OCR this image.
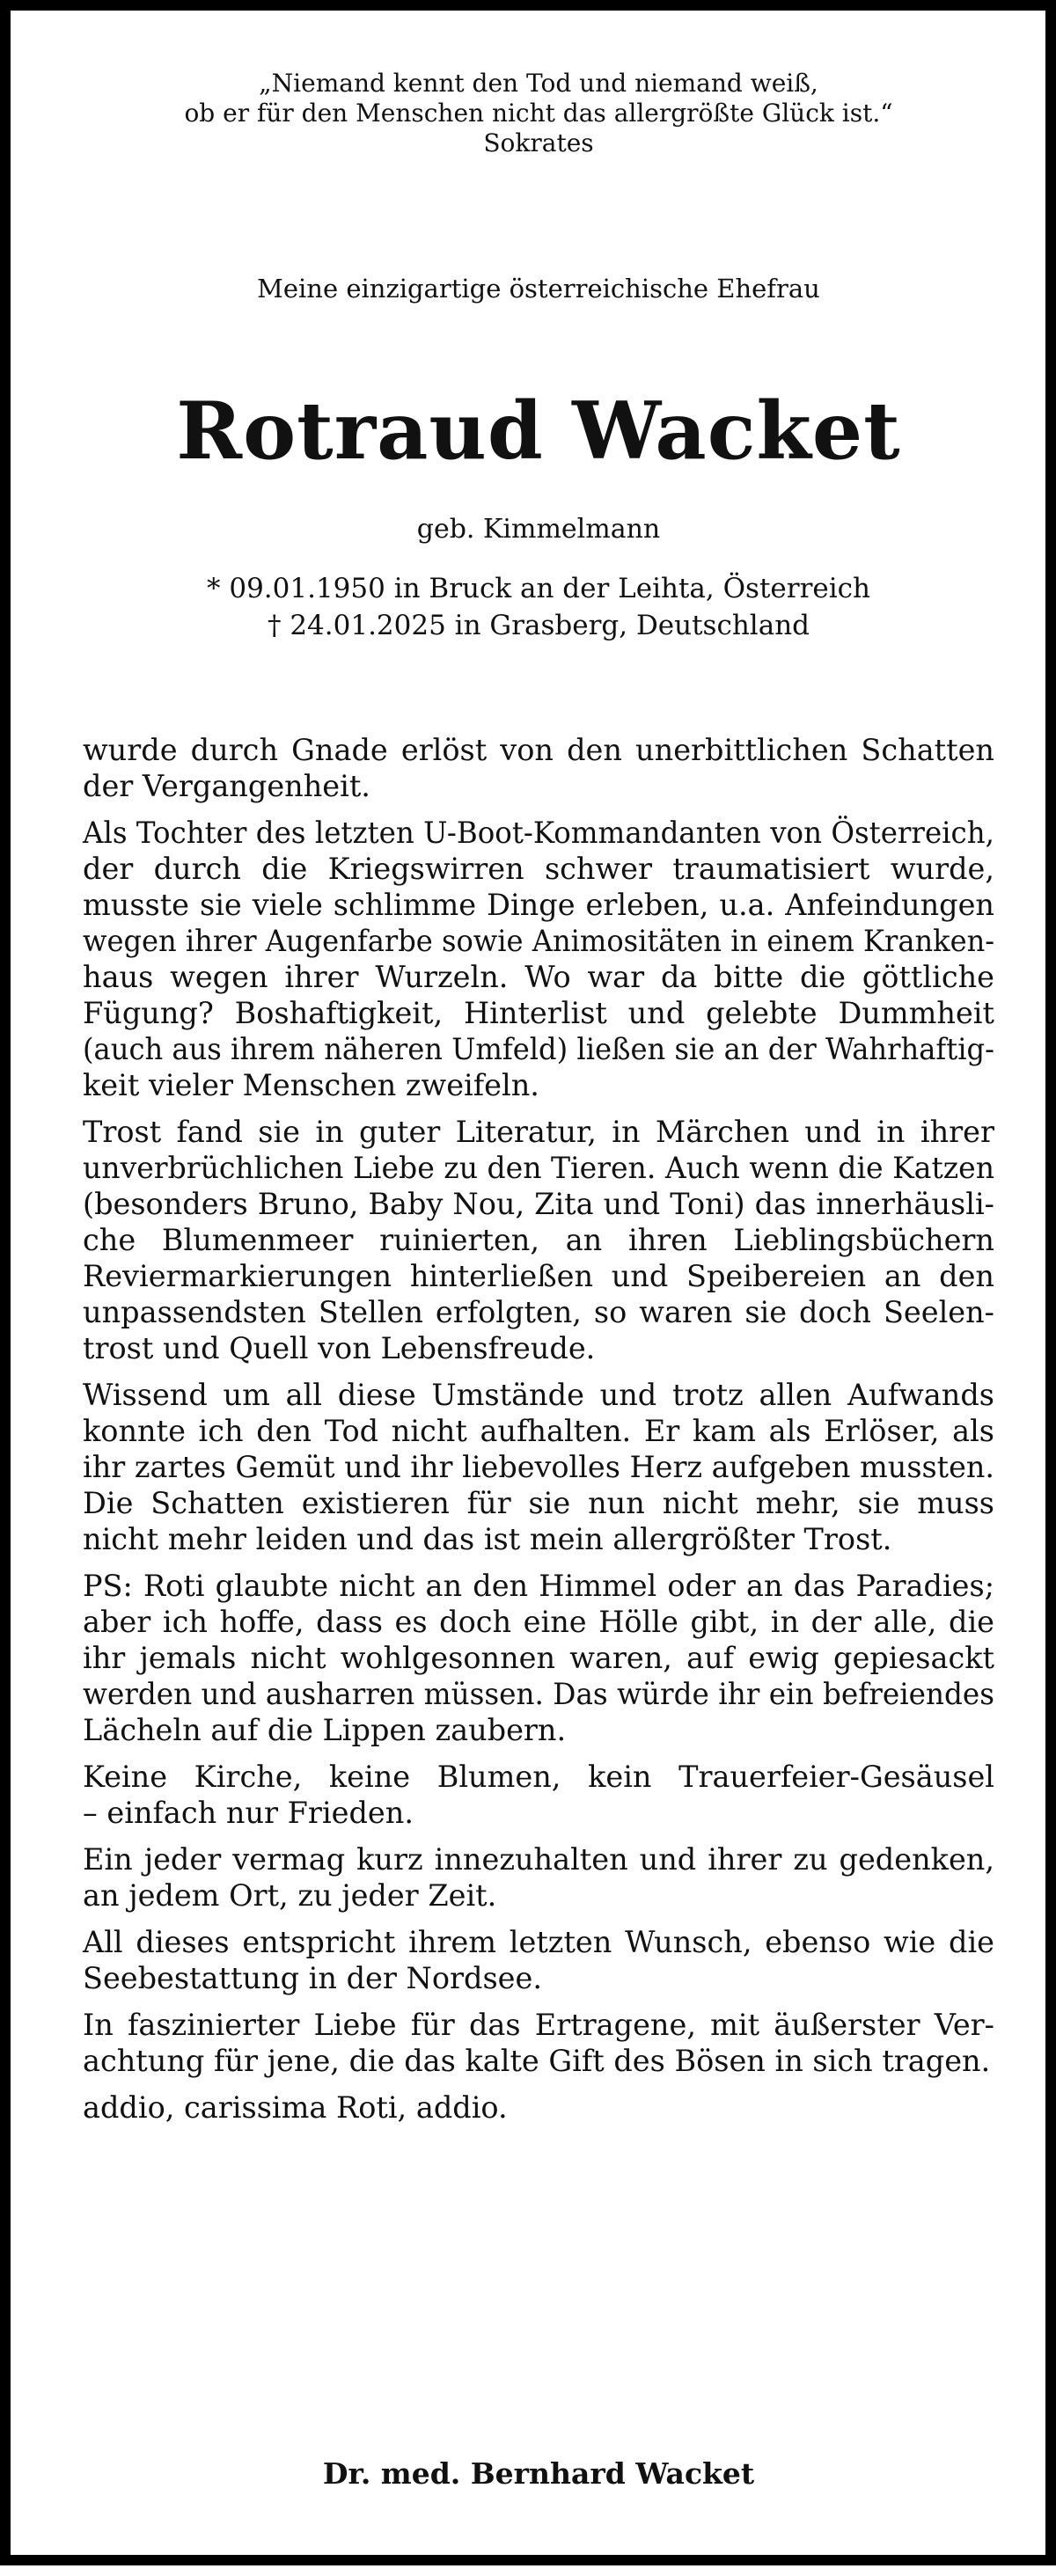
„Niemand kennt den Tod und niemand weiß,
ob er für den Menschen nicht das allergrößte Glück ist.“
Sokrates
Meine einzigartige österreichische Ehefrau
Rotraud Wacket
geb. Kimmelmann
* 09.01.1950 in Bruck an der Leihta, Österreich
† 24.01.2025 in Grasberg, Deutschland
wurde durch Gnade erlöst von den unerbittlichen Schatten
der Vergangenheit.
Als Tochter des letzten U-Boot-Kommandanten von Österreich,
der durch die Kriegswirren schwer traumatisiert wurde,
musste sie viele schlimme Dinge erleben, u.a. Anfeindungen
wegen ihrer Augenfarbe sowie Animositäten in einem Kranken-
haus wegen ihrer Wurzeln. Wo war da bitte die göttliche
Fügung? Boshaftigkeit, Hinterlist und gelebte Dummheit
(auch aus ihrem näheren Umfeld) ließen sie an der Wahrhaftig-
keit vieler Menschen zweifeln.
Trost fand sie in guter Literatur, in Märchen und in ihrer
unverbrüchlichen Liebe zu den Tieren. Auch wenn die Katzen
(besonders Bruno, Baby Nou, Zita und Toni) das innerhäusli-
che Blumenmeer ruinierten, an ihren Lieblingsbüchern
Reviermarkierungen hinterließen und Speibereien an den
unpassendsten Stellen erfolgten, so waren sie doch Seelen-
trost und Quell von Lebensfreude.
Wissend um all diese Umstände und trotz allen Aufwands
konnte ich den Tod nicht aufhalten. Er kam als Erlöser, als
ihr zartes Gemüt und ihr liebevolles Herz aufgeben mussten.
Die Schatten existieren für sie nun nicht mehr, sie muss
nicht mehr leiden und das ist mein allergrößter Trost.
PS: Roti glaubte nicht an den Himmel oder an das Paradies;
aber ich hoffe, dass es doch eine Hölle gibt, in der alle, die
ihr jemals nicht wohlgesonnen waren, auf ewig gepiesackt
werden und ausharren müssen. Das würde ihr ein befreiendes
Lächeln auf die Lippen zaubern.
Keine Kirche, keine Blumen, kein Trauerfeier-Gesäusel
– einfach nur Frieden.
Ein jeder vermag kurz innezuhalten und ihrer zu gedenken,
an jedem Ort, zu jeder Zeit.
All dieses entspricht ihrem letzten Wunsch, ebenso wie die
Seebestattung in der Nordsee.
In faszinierter Liebe für das Ertragene, mit äußerster Ver-
achtung für jene, die das kalte Gift des Bösen in sich tragen.
addio, carissima Roti, addio.
Dr. med. Bernhard Wacket
